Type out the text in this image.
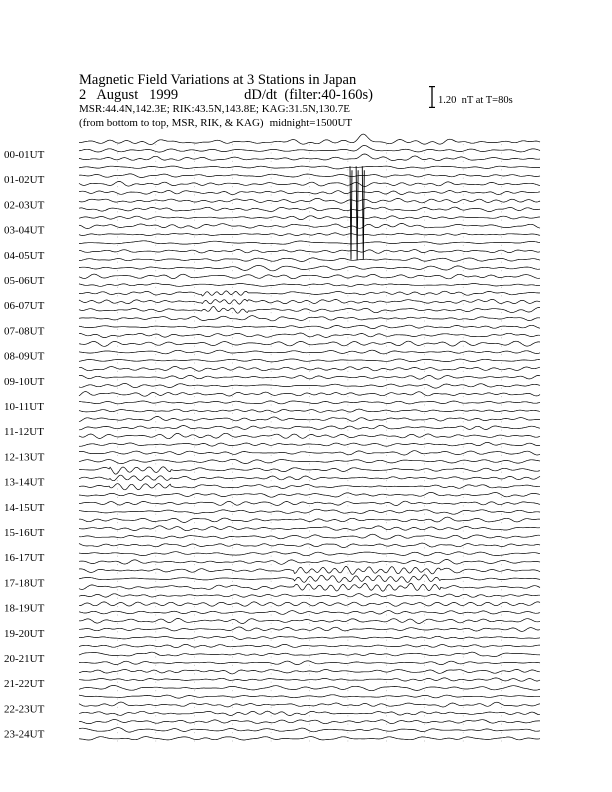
Magnetic Field Variations at 3 Stations in Japan
2   August   1999	dD/dt  (filter:40-160s)
MSR:44.4N,142.3E; RIK:43.5N,143.8E; KAG:31.5N,130.7E
(from bottom to top, MSR, RIK, & KAG) midnight=1500UT
1.20  nT at T=80s
00-01UT
01-02UT
02-03UT
03-04UT
04-05UT
05-06UT
06-07UT
07-08UT
08-09UT
09-10UT
10-11UT
11-12UT
12-13UT
13-14UT
14-15UT
15-16UT
16-17UT
17-18UT
18-19UT
19-20UT
20-21UT
21-22UT
22-23UT
23-24UT
